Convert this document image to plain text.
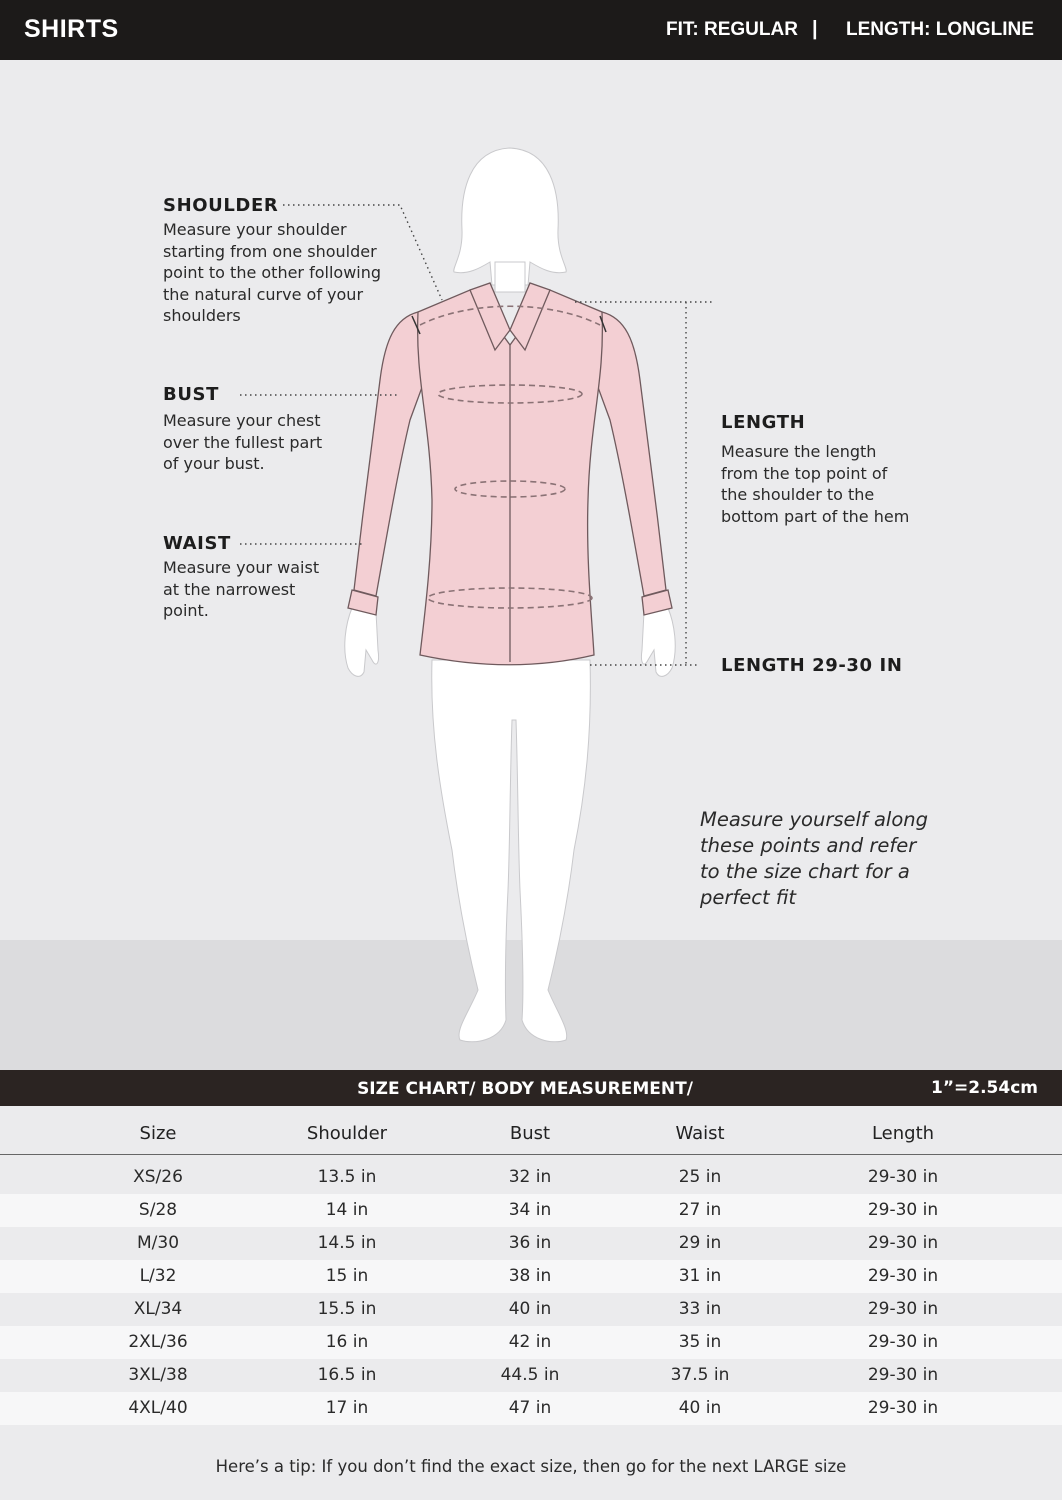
SHIRTS	FIT: REGULAR | LENGTH: LONGLINE
SHOULDER
Measure your shoulder
starting from one shoulder
point to the other following
the natural curve of your
shoulders
BUST
Measure your chest
over the fullest part
of your bust.
WAIST
Measure your waist
at the narrowest
point.
LENGTH
Measure the length
from the top point of
the shoulder to the
bottom part of the hem
LENGTH 29-30 IN
Measure yourself along
these points and refer
to the size chart for a
perfect fit
SIZE CHART/ BODY MEASUREMENT/	1”=2.54cm
Size	Shoulder	Bust	Waist	Length
XS/26	13.5 in	32 in	25 in	29-30 in
S/28	14 in	34 in	27 in	29-30 in
M/30	14.5 in	36 in	29 in	29-30 in
L/32	15 in	38 in	31 in	29-30 in
XL/34	15.5 in	40 in	33 in	29-30 in
2XL/36	16 in	42 in	35 in	29-30 in
3XL/38	16.5 in	44.5 in	37.5 in	29-30 in
4XL/40	17 in	47 in	40 in	29-30 in
Here’s a tip: If you don’t find the exact size, then go for the next LARGE size
